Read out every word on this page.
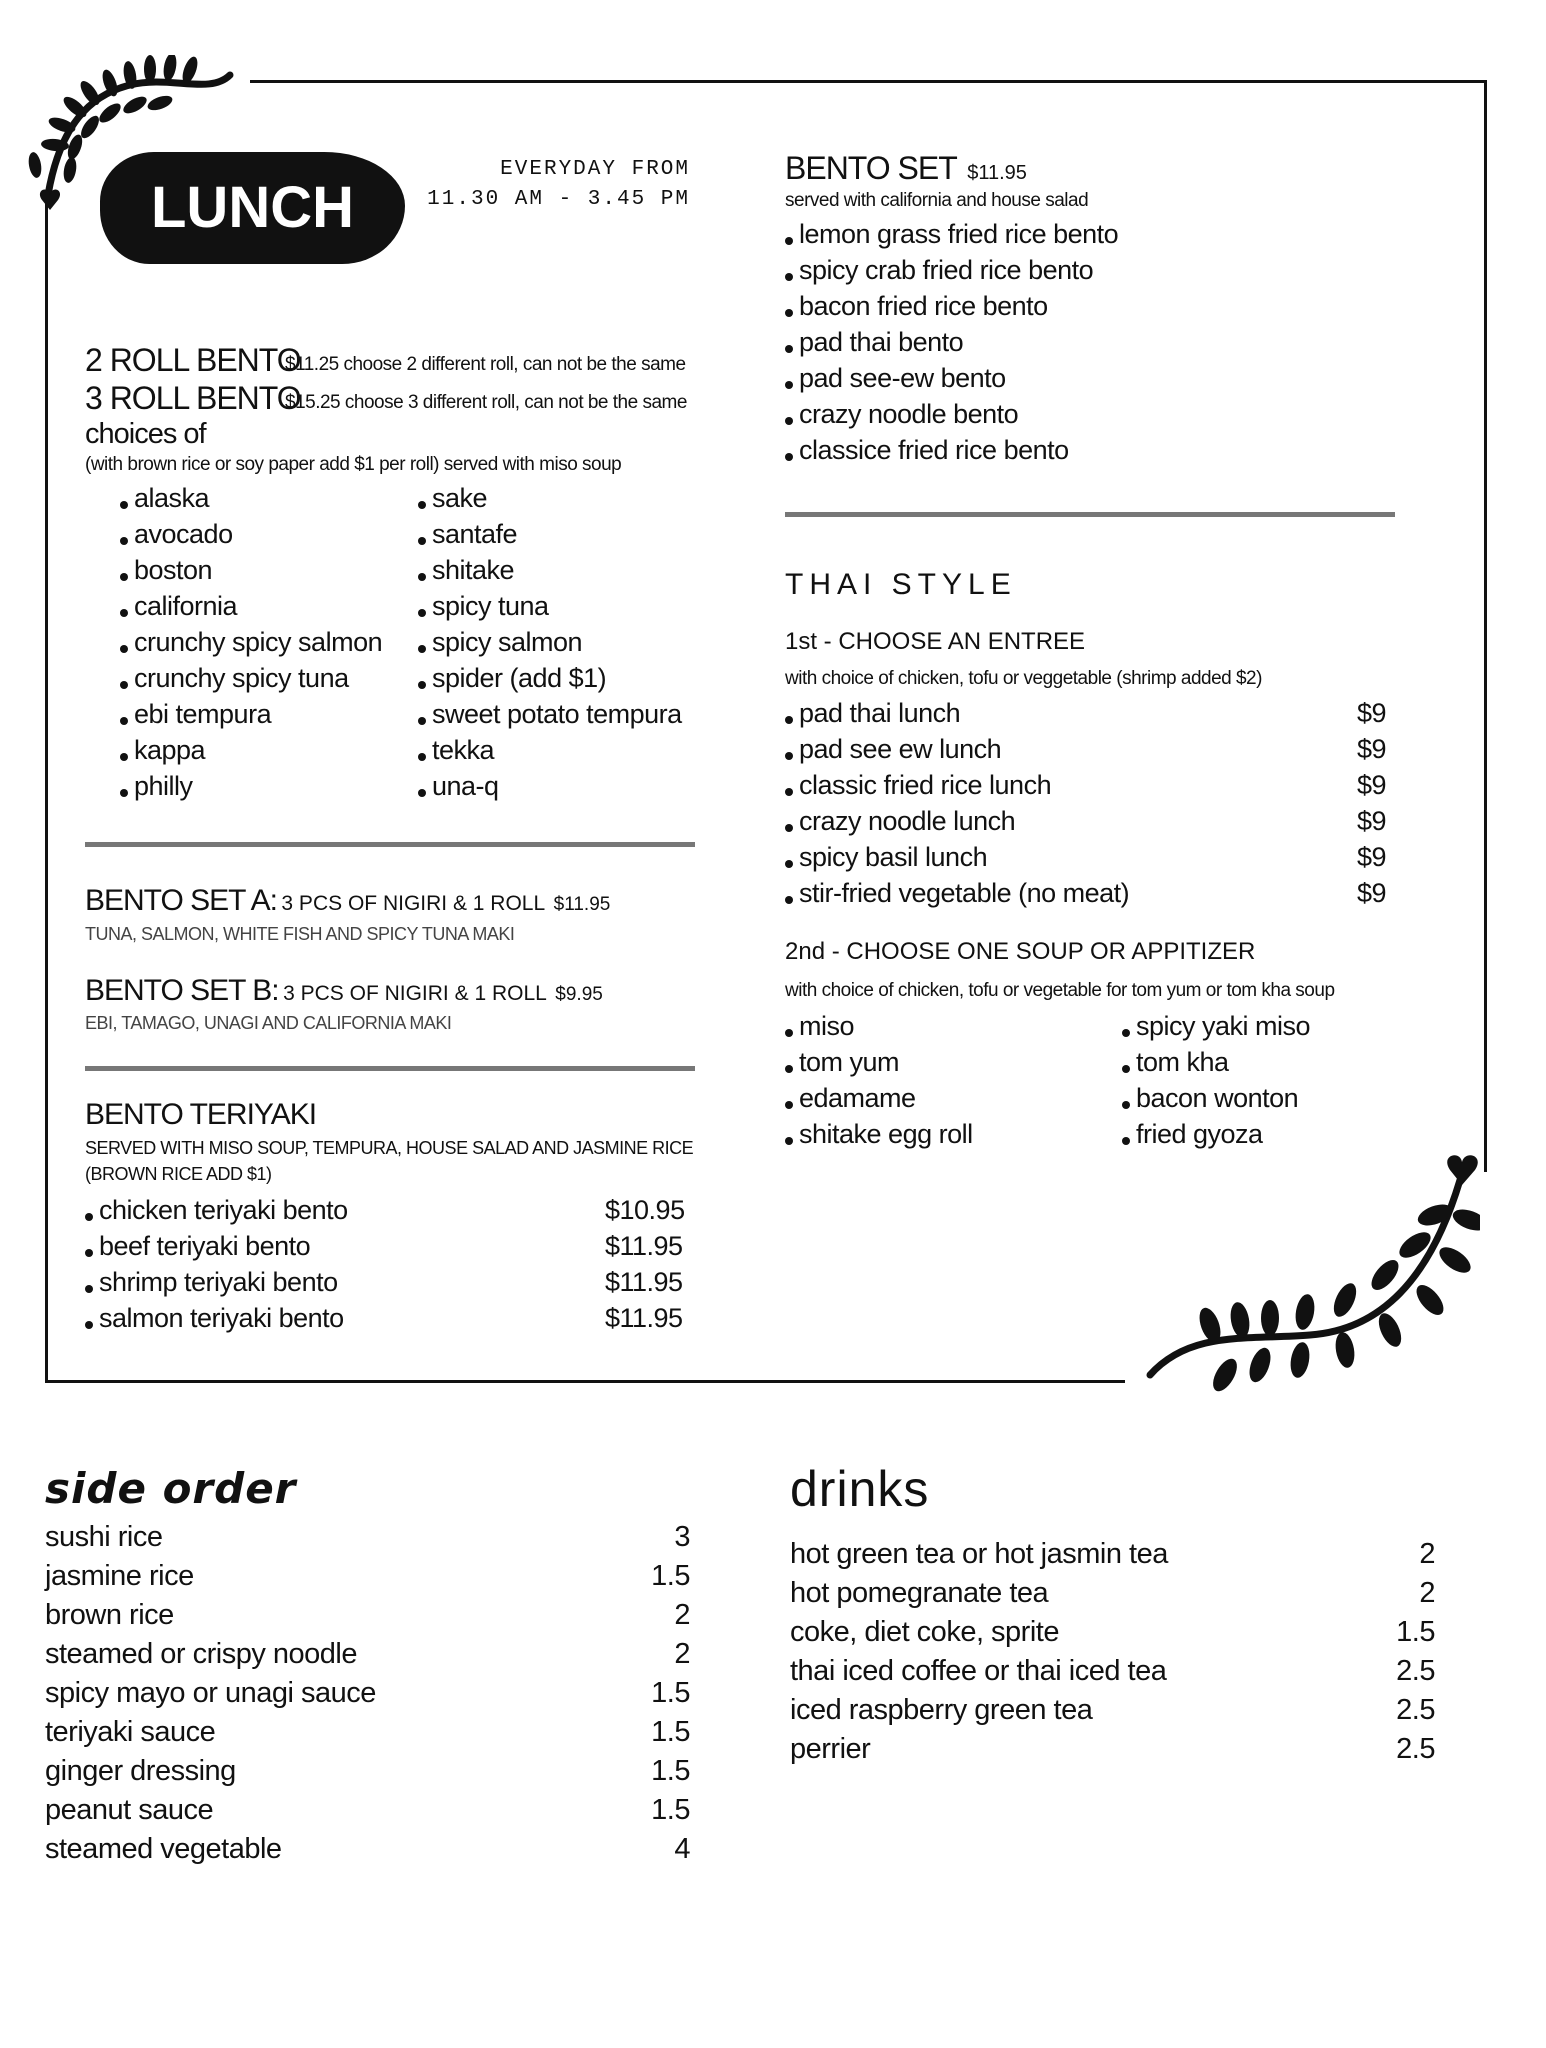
LUNCH
EVERYDAY FROM
11.30 AM - 3.45 PM
2 ROLL BENTO
$11.25 choose 2 different roll, can not be the same
3 ROLL BENTO
$15.25 choose 3 different roll, can not be the same
choices of
(with brown rice or soy paper add $1 per roll) served with miso soup
alaska
avocado
boston
california
crunchy spicy salmon
crunchy spicy tuna
ebi tempura
kappa
philly
sake
santafe
shitake
spicy tuna
spicy salmon
spider (add $1)
sweet potato tempura
tekka
una-q
BENTO SET A: 3 PCS OF NIGIRI & 1 ROLL $11.95
TUNA, SALMON, WHITE FISH AND SPICY TUNA MAKI
BENTO SET B: 3 PCS OF NIGIRI & 1 ROLL $9.95
EBI, TAMAGO, UNAGI AND CALIFORNIA MAKI
BENTO TERIYAKI
SERVED WITH MISO SOUP, TEMPURA, HOUSE SALAD AND JASMINE RICE
(BROWN RICE ADD $1)
chicken teriyaki bento	$10.95
beef teriyaki bento	$11.95
shrimp teriyaki bento	$11.95
salmon teriyaki bento	$11.95
BENTO SET $11.95
served with california and house salad
lemon grass fried rice bento
spicy crab fried rice bento
bacon fried rice bento
pad thai bento
pad see-ew bento
crazy noodle bento
classice fried rice bento
THAI STYLE
1st - CHOOSE AN ENTREE
with choice of chicken, tofu or veggetable (shrimp added $2)
pad thai lunch	$9
pad see ew lunch	$9
classic fried rice lunch	$9
crazy noodle lunch	$9
spicy basil lunch	$9
stir-fried vegetable (no meat)	$9
2nd - CHOOSE ONE SOUP OR APPITIZER
with choice of chicken, tofu or vegetable for tom yum or tom kha soup
miso
tom yum
edamame
shitake egg roll
spicy yaki miso
tom kha
bacon wonton
fried gyoza
side order
sushi rice	3
jasmine rice	1.5
brown rice	2
steamed or crispy noodle	2
spicy mayo or unagi sauce	1.5
teriyaki sauce	1.5
ginger dressing	1.5
peanut sauce	1.5
steamed vegetable	4
drinks
hot green tea or hot jasmin tea	2
hot pomegranate tea	2
coke, diet coke, sprite	1.5
thai iced coffee or thai iced tea	2.5
iced raspberry green tea	2.5
perrier	2.5
